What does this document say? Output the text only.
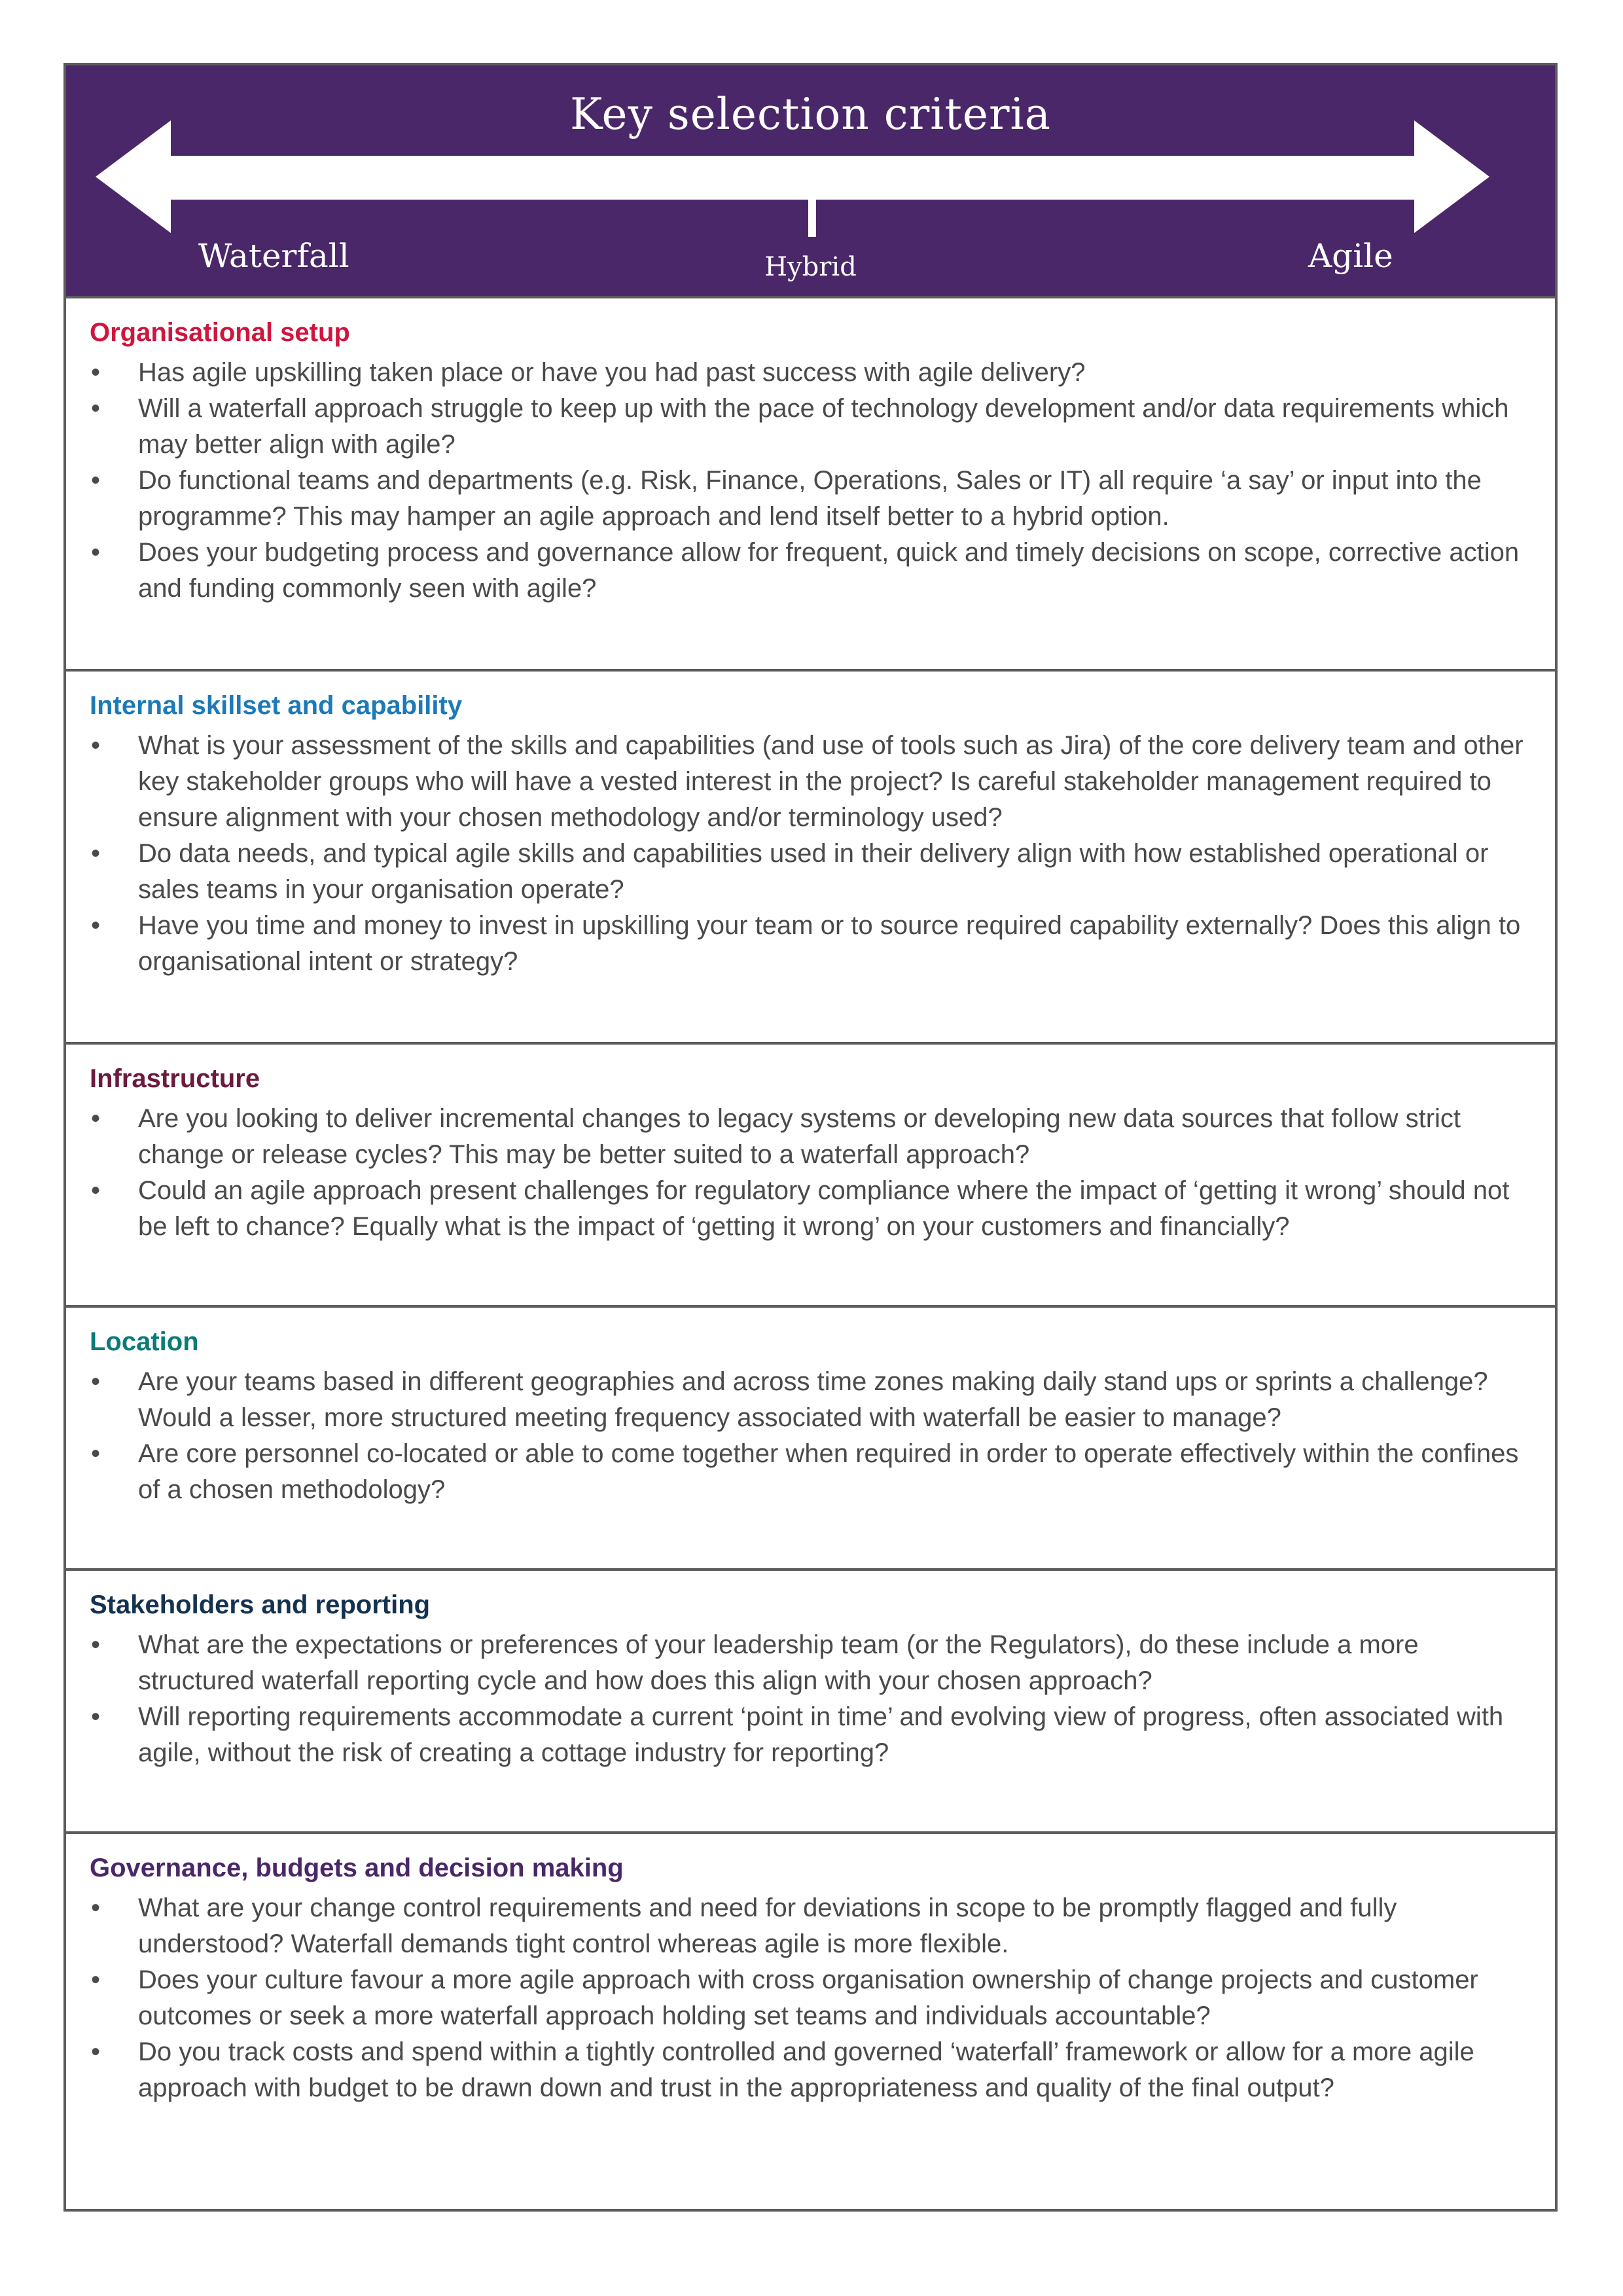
Key selection criteria
Waterfall	Hybrid	Agile
Organisational setup
• Has agile upskilling taken place or have you had past success with agile delivery?
• Will a waterfall approach struggle to keep up with the pace of technology development and/or data requirements which may better align with agile?
• Do functional teams and departments (e.g. Risk, Finance, Operations, Sales or IT) all require ‘a say’ or input into the programme? This may hamper an agile approach and lend itself better to a hybrid option.
• Does your budgeting process and governance allow for frequent, quick and timely decisions on scope, corrective action and funding commonly seen with agile?
Internal skillset and capability
• What is your assessment of the skills and capabilities (and use of tools such as Jira) of the core delivery team and other key stakeholder groups who will have a vested interest in the project? Is careful stakeholder management required to ensure alignment with your chosen methodology and/or terminology used?
• Do data needs, and typical agile skills and capabilities used in their delivery align with how established operational or sales teams in your organisation operate?
• Have you time and money to invest in upskilling your team or to source required capability externally? Does this align to organisational intent or strategy?
Infrastructure
• Are you looking to deliver incremental changes to legacy systems or developing new data sources that follow strict change or release cycles? This may be better suited to a waterfall approach?
• Could an agile approach present challenges for regulatory compliance where the impact of ‘getting it wrong’ should not be left to chance? Equally what is the impact of ‘getting it wrong’ on your customers and financially?
Location
• Are your teams based in different geographies and across time zones making daily stand ups or sprints a challenge? Would a lesser, more structured meeting frequency associated with waterfall be easier to manage?
• Are core personnel co-located or able to come together when required in order to operate effectively within the confines of a chosen methodology?
Stakeholders and reporting
• What are the expectations or preferences of your leadership team (or the Regulators), do these include a more structured waterfall reporting cycle and how does this align with your chosen approach?
• Will reporting requirements accommodate a current ‘point in time’ and evolving view of progress, often associated with agile, without the risk of creating a cottage industry for reporting?
Governance, budgets and decision making
• What are your change control requirements and need for deviations in scope to be promptly flagged and fully understood? Waterfall demands tight control whereas agile is more flexible.
• Does your culture favour a more agile approach with cross organisation ownership of change projects and customer outcomes or seek a more waterfall approach holding set teams and individuals accountable?
• Do you track costs and spend within a tightly controlled and governed ‘waterfall’ framework or allow for a more agile approach with budget to be drawn down and trust in the appropriateness and quality of the final output?
